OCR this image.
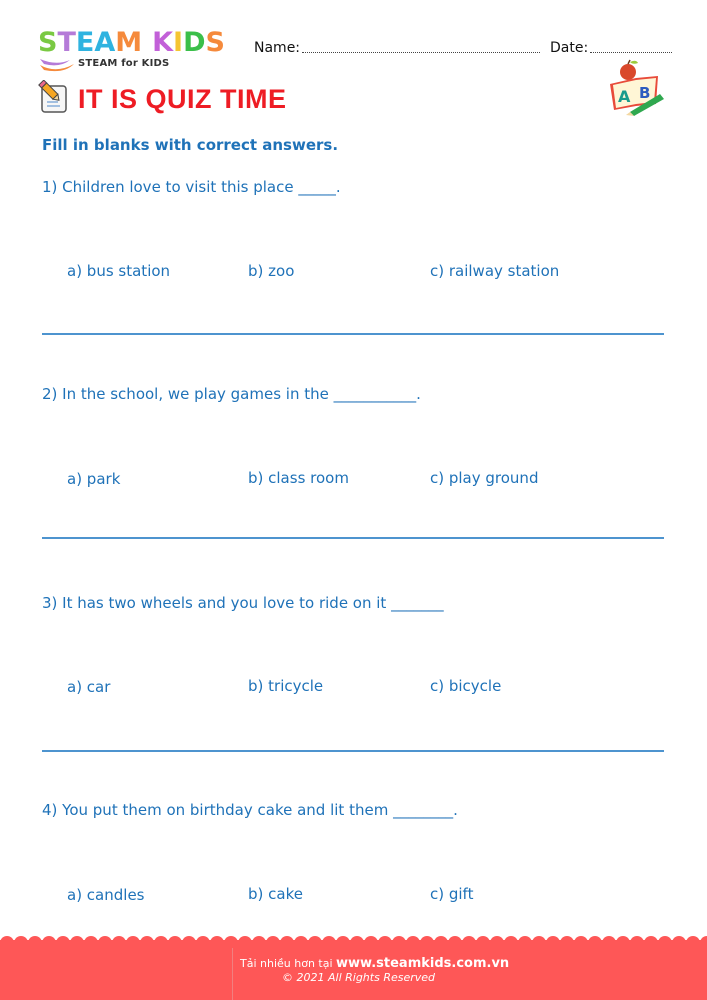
STEAM KIDS
STEAM for KIDS
Name:	Date:
IT IS QUIZ TIME	A B
Fill in blanks with correct answers.
1) Children love to visit this place _____.
a) bus station	b) zoo	c) railway station
2) In the school, we play games in the ___________.
a) park	b) class room	c) play ground
3) It has two wheels and you love to ride on it _______
a) car	b) tricycle	c) bicycle
4) You put them on birthday cake and lit them ________.
a) candles	b) cake	c) gift
Tải nhiều hơn tại www.steamkids.com.vn
© 2021 All Rights Reserved
